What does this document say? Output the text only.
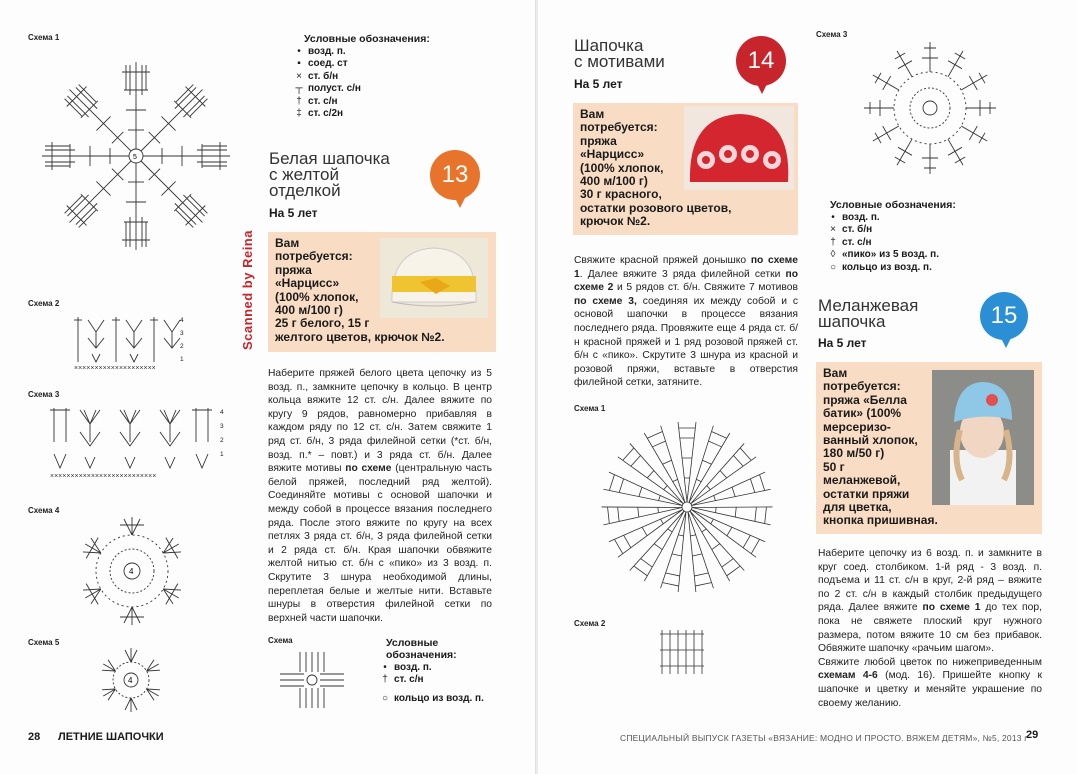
Схема 1
5
Схема 2
××××××××××××××××××××
4
3
2
1
Схема 3
××××××××××××××××××××××××××
4
3
2
1
Схема 4
4
Схема 5
4
Условные обозначения:
• возд. п.
▪ соед. ст
× ст. б/н
┬ полуст. с/н
† ст. с/н
‡ ст. с/2н
Белая шапочка
с желтой
отделкой
На 5 лет
13
Scanned by Reina Вам
потребуется:
пряжа
«Нарцисс»
(100% хлопок,
400 м/100 г)
25 г белого, 15 г
желтого цветов, крючок №2.
Наберите пряжей белого цвета цепочку из 5 возд. п., замкните цепочку в кольцо. В центр кольца вяжите 12 ст. с/н. Далее вяжите по кругу 9 рядов, равномерно прибавляя в каждом ряду по 12 ст. с/н. Затем свяжите 1 ряд ст. б/н, 3 ряда филейной сетки (*ст. б/н, возд. п.* – повт.) и 3 ряда ст. б/н. Далее вяжите мотивы по схеме (центральную часть белой пряжей, последний ряд желтой). Соединяйте мотивы с основой шапочки и между собой в процессе вязания последнего ряда. После этого вяжите по кругу на всех петлях 3 ряда ст. б/н, 3 ряда филейной сетки и 2 ряда ст. б/н. Края шапочки обвяжите желтой нитью ст. б/н с «пико» из 3 возд. п. Скрутите 3 шнура необходимой длины, переплетая белые и желтые нити. Вставьте шнуры в отверстия филейной сетки по верхней части шапочки.
Схема	Условные
обозначения:
• возд. п.
† ст. с/н
○ кольцо из возд. п.
28 ЛЕТНИЕ ШАПОЧКИ
Шапочка
с мотивами
На 5 лет
14
Вам
потребуется:
пряжа
«Нарцисс»
(100% хлопок,
400 м/100 г)
30 г красного,
остатки розового цветов,
крючок №2.
Свяжите красной пряжей донышко по схеме 1. Далее вяжите 3 ряда филейной сетки по схеме 2 и 5 рядов ст. б/н. Свяжите 7 мотивов по схеме 3, соединяя их между собой и с основой шапочки в процессе вязания последнего ряда. Провяжите еще 4 ряда ст. б/н красной пряжей и 1 ряд розовой пряжей ст. б/н с «пико». Скрутите 3 шнура из красной и розовой пряжи, вставьте в отверстия филейной сетки, затяните.
Схема 3
Условные обозначения:
• возд. п.
× ст. б/н
† ст. с/н
◊ «пико» из 5 возд. п.
○ кольцо из возд. п.
Меланжевая
шапочка
На 5 лет
15
Вам
потребуется:
пряжа «Белла
батик» (100%
мерсеризо-
ванный хлопок,
180 м/50 г)
50 г
меланжевой,
остатки пряжи
для цветка,
кнопка пришивная.
Наберите цепочку из 6 возд. п. и замкните в круг соед. столбиком. 1-й ряд - 3 возд. п. подъема и 11 ст. с/н в круг, 2-й ряд – вяжите по 2 ст. с/н в каждый столбик предыдущего ряда. Далее вяжите по схеме 1 до тех пор, пока не свяжете плоский круг нужного размера, потом вяжите 10 см без прибавок. Обвяжите шапочку «рачьим шагом».
Свяжите любой цветок по нижеприведенным схемам 4-6 (мод. 16). Пришейте кнопку к шапочке и цветку и меняйте украшение по своему желанию.
Схема 1
Схема 2
СПЕЦИАЛЬНЫЙ ВЫПУСК ГАЗЕТЫ «ВЯЗАНИЕ: МОДНО И ПРОСТО. ВЯЖЕМ ДЕТЯМ», №5, 2013 г
29
